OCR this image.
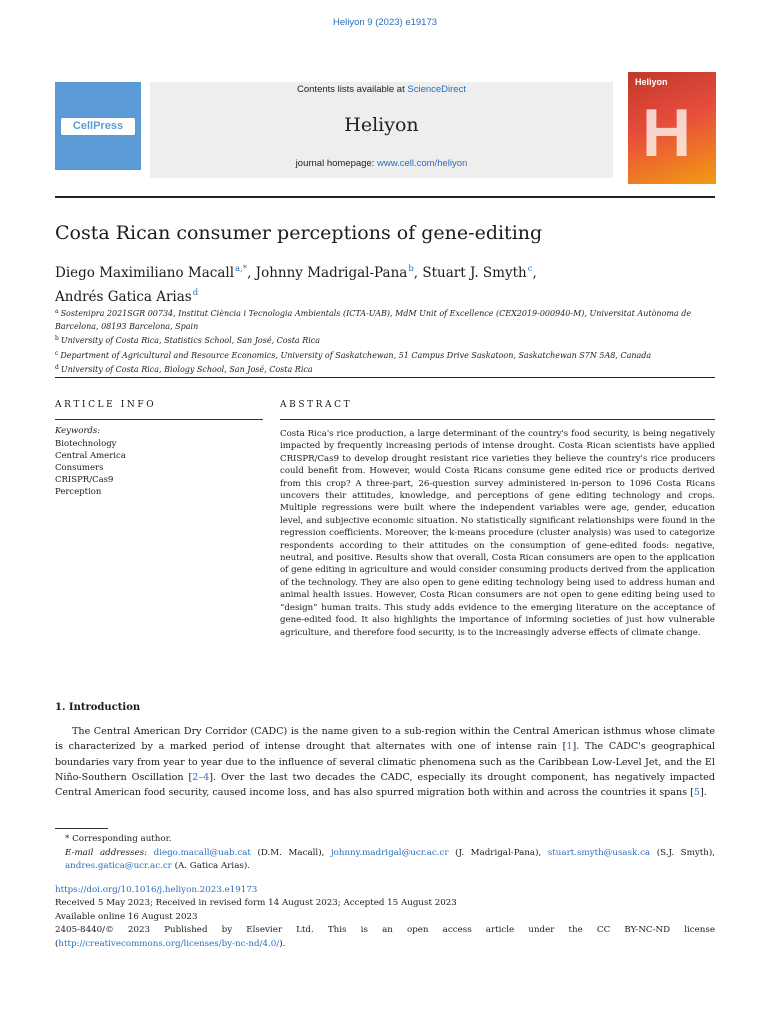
Heliyon 9 (2023) e19173
CellPress
Contents lists available at ScienceDirect
Heliyon
journal homepage: www.cell.com/heliyon
Heliyon
H
Costa Rican consumer perceptions of gene-editing
Diego Maximiliano Macall$^{a,*}$, Johnny Madrigal-Pana$^b$, Stuart J. Smyth$^c$,
Andrés Gatica Arias$^d$
$^a$ Sostenipra 2021SGR 00734, Institut Ciència i Tecnologia Ambientals (ICTA-UAB), MdM Unit of Excellence (CEX2019-000940-M), Universitat Autònoma de Barcelona, 08193 Barcelona, Spain
$^b$ University of Costa Rica, Statistics School, San José, Costa Rica
$^c$ Department of Agricultural and Resource Economics, University of Saskatchewan, 51 Campus Drive Saskatoon, Saskatchewan S7N 5A8, Canada
$^d$ University of Costa Rica, Biology School, San José, Costa Rica
ARTICLE INFO
Keywords:
Biotechnology
Central America
Consumers
CRISPR/Cas9
Perception
ABSTRACT
Costa Rica's rice production, a large determinant of the country's food security, is being negatively impacted by frequently increasing periods of intense drought. Costa Rican scientists have applied CRISPR/Cas9 to develop drought resistant rice varieties they believe the country's rice producers could benefit from. However, would Costa Ricans consume gene edited rice or products derived from this crop? A three-part, 26-question survey administered in-person to 1096 Costa Ricans uncovers their attitudes, knowledge, and perceptions of gene editing technology and crops. Multiple regressions were built where the independent variables were age, gender, education level, and subjective economic situation. No statistically significant relationships were found in the regression coefficients. Moreover, the k-means procedure (cluster analysis) was used to categorize respondents according to their attitudes on the consumption of gene-edited foods: negative, neutral, and positive. Results show that overall, Costa Rican consumers are open to the application of gene editing in agriculture and would consider consuming products derived from the application of the technology. They are also open to gene editing technology being used to address human and animal health issues. However, Costa Rican consumers are not open to gene editing being used to “design” human traits. This study adds evidence to the emerging literature on the acceptance of gene-edited food. It also highlights the importance of informing societies of just how vulnerable agriculture, and therefore food security, is to the increasingly adverse effects of climate change.
1. Introduction
The Central American Dry Corridor (CADC) is the name given to a sub-region within the Central American isthmus whose climate is characterized by a marked period of intense drought that alternates with one of intense rain [1]. The CADC's geographical boundaries vary from year to year due to the influence of several climatic phenomena such as the Caribbean Low-Level Jet, and the El Niño-Southern Oscillation [2–4]. Over the last two decades the CADC, especially its drought component, has negatively impacted Central American food security, caused income loss, and has also spurred migration both within and across the countries it spans [5].
* Corresponding author.
E-mail addresses: diego.macall@uab.cat (D.M. Macall), johnny.madrigal@ucr.ac.cr (J. Madrigal-Pana), stuart.smyth@usask.ca (S.J. Smyth), andres.gatica@ucr.ac.cr (A. Gatica Arias).
https://doi.org/10.1016/j.heliyon.2023.e19173
Received 5 May 2023; Received in revised form 14 August 2023; Accepted 15 August 2023
Available online 16 August 2023
2405-8440/© 2023 Published by Elsevier Ltd. This is an open access article under the CC BY-NC-ND license
(http://creativecommons.org/licenses/by-nc-nd/4.0/).
